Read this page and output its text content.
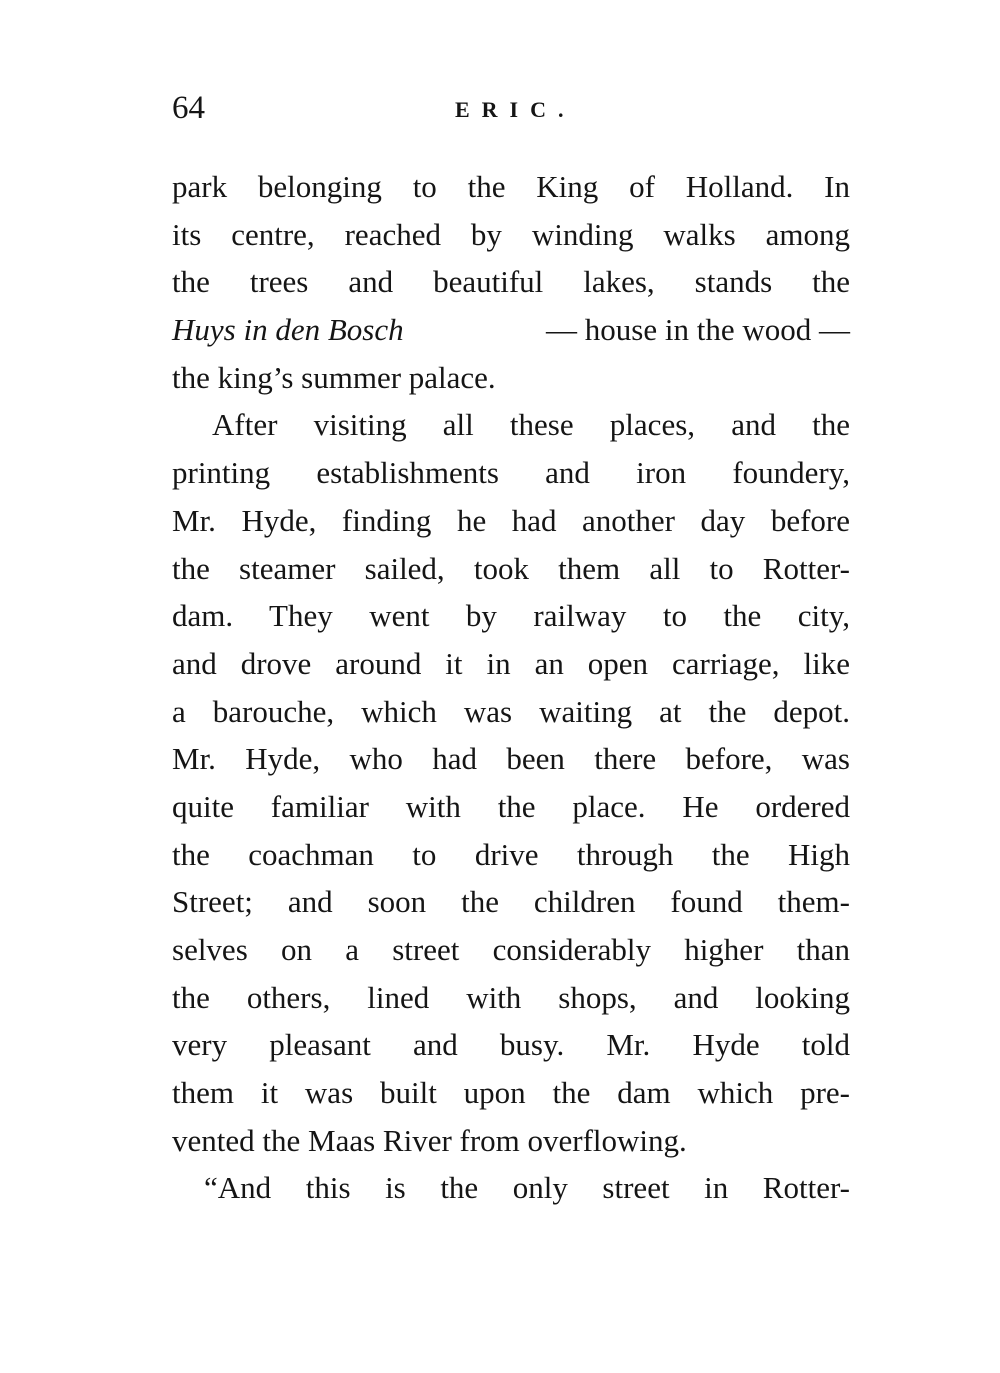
64	ERIC.
park belonging to the King of Holland. In
its centre, reached by winding walks among
the trees and beautiful lakes, stands the
Huys in den Bosch	— house in the wood —
the king’s summer palace.
After visiting all these places, and the
printing establishments and iron foundery,
Mr. Hyde, finding he had another day before
the steamer sailed, took them all to Rotter-
dam. They went by railway to the city,
and drove around it in an open carriage, like
a barouche, which was waiting at the depot.
Mr. Hyde, who had been there before, was
quite familiar with the place. He ordered
the coachman to drive through the High
Street; and soon the children found them-
selves on a street considerably higher than
the others, lined with shops, and looking
very pleasant and busy. Mr. Hyde told
them it was built upon the dam which pre-
vented the Maas River from overflowing.
“And this is the only street in Rotter-
